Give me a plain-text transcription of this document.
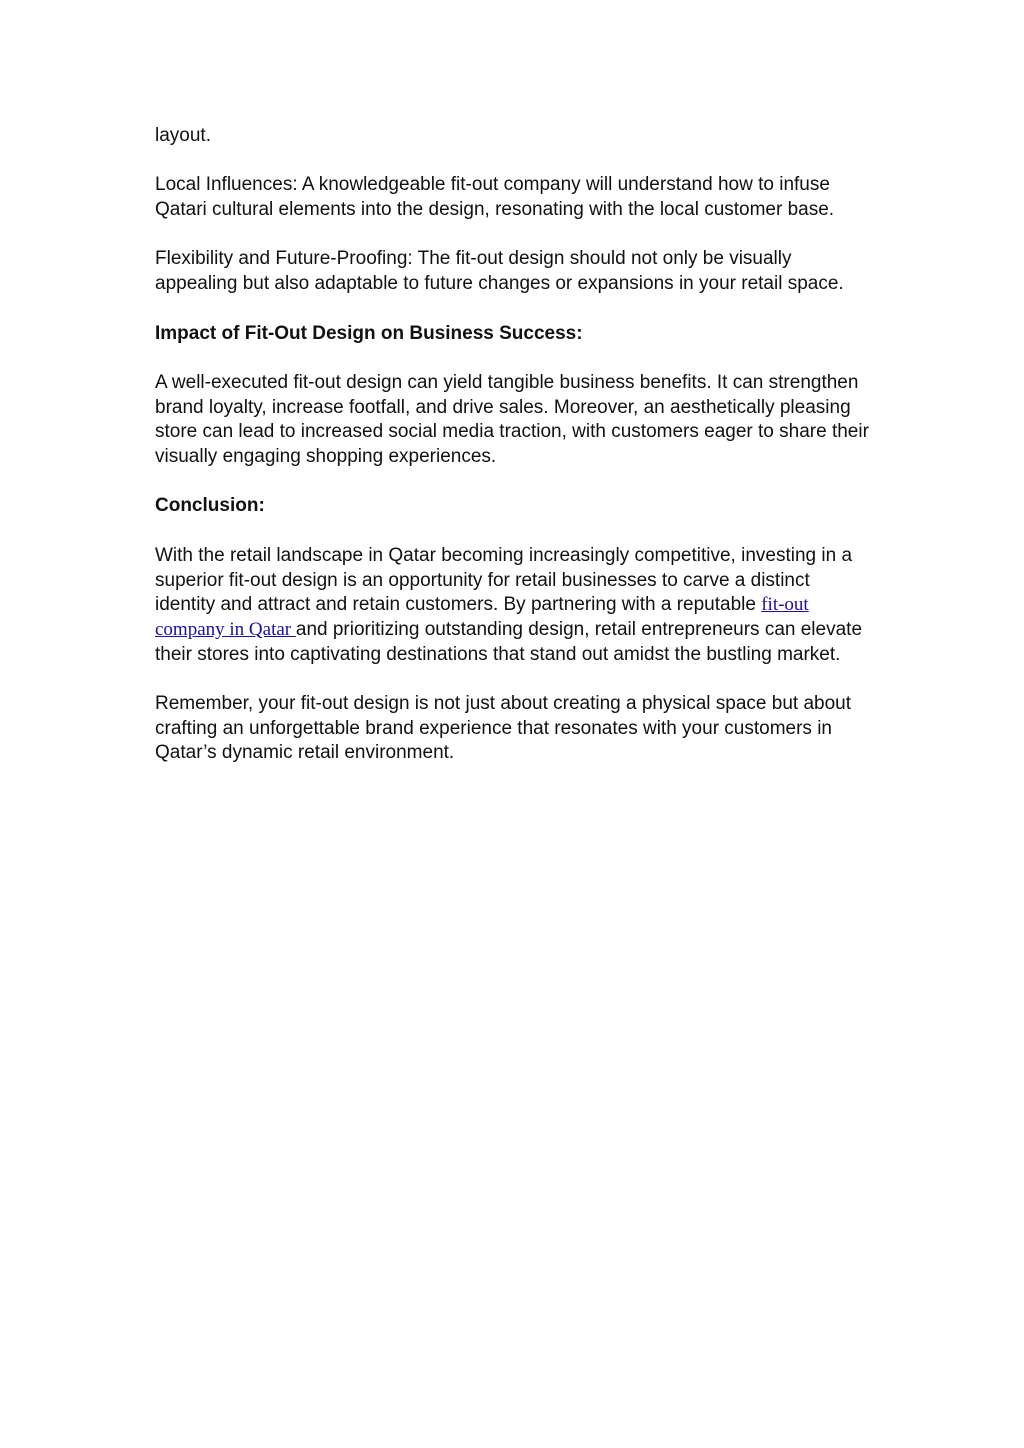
layout.

Local Influences: A knowledgeable fit-out company will understand how to infuse Qatari cultural elements into the design, resonating with the local customer base.

Flexibility and Future-Proofing: The fit-out design should not only be visually appealing but also adaptable to future changes or expansions in your retail space.

Impact of Fit-Out Design on Business Success:

A well-executed fit-out design can yield tangible business benefits. It can strengthen brand loyalty, increase footfall, and drive sales. Moreover, an aesthetically pleasing store can lead to increased social media traction, with customers eager to share their visually engaging shopping experiences.

Conclusion:

With the retail landscape in Qatar becoming increasingly competitive, investing in a superior fit-out design is an opportunity for retail businesses to carve a distinct identity and attract and retain customers. By partnering with a reputable fit-out company in Qatar and prioritizing outstanding design, retail entrepreneurs can elevate their stores into captivating destinations that stand out amidst the bustling market.

Remember, your fit-out design is not just about creating a physical space but about crafting an unforgettable brand experience that resonates with your customers in Qatar’s dynamic retail environment.
